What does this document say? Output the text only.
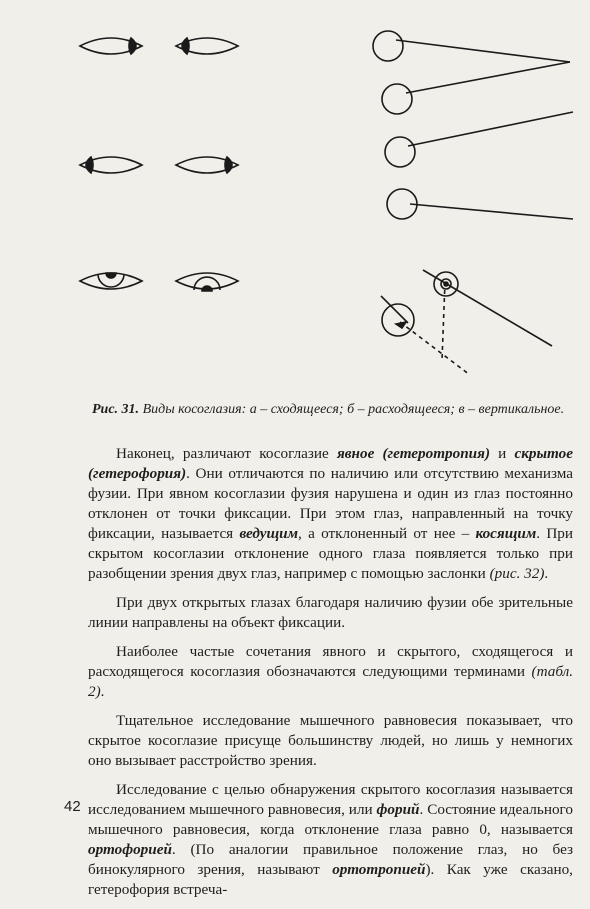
Рис. 31. Виды косоглазия: а – сходящееся; б – расходящееся; в – вертикальное.

Наконец, различают косоглазие явное (гетеротропия) и скрытое (гетерофория). Они отличаются по наличию или отсутствию механизма фузии. При явном косоглазии фузия нарушена и один из глаз постоянно отклонен от точки фиксации. При этом глаз, направленный на точку фиксации, называется ведущим, а отклоненный от нее – косящим. При скрытом косоглазии отклонение одного глаза появляется только при разобщении зрения двух глаз, например с помощью заслонки (рис. 32).

При двух открытых глазах благодаря наличию фузии обе зрительные линии направлены на объект фиксации.

Наиболее частые сочетания явного и скрытого, сходящегося и расходящегося косоглазия обозначаются следующими терминами (табл. 2).

Тщательное исследование мышечного равновесия показывает, что скрытое косоглазие присуще большинству людей, но лишь у немногих оно вызывает расстройство зрения.

Исследование с целью обнаружения скрытого косоглазия называется исследованием мышечного равновесия, или форий. Состояние идеального мышечного равновесия, когда отклонение глаза равно 0, называется ортофорией. (По аналогии правильное положение глаз, но без бинокулярного зрения, называют ортотропией). Как уже сказано, гетерофория встреча-

42
